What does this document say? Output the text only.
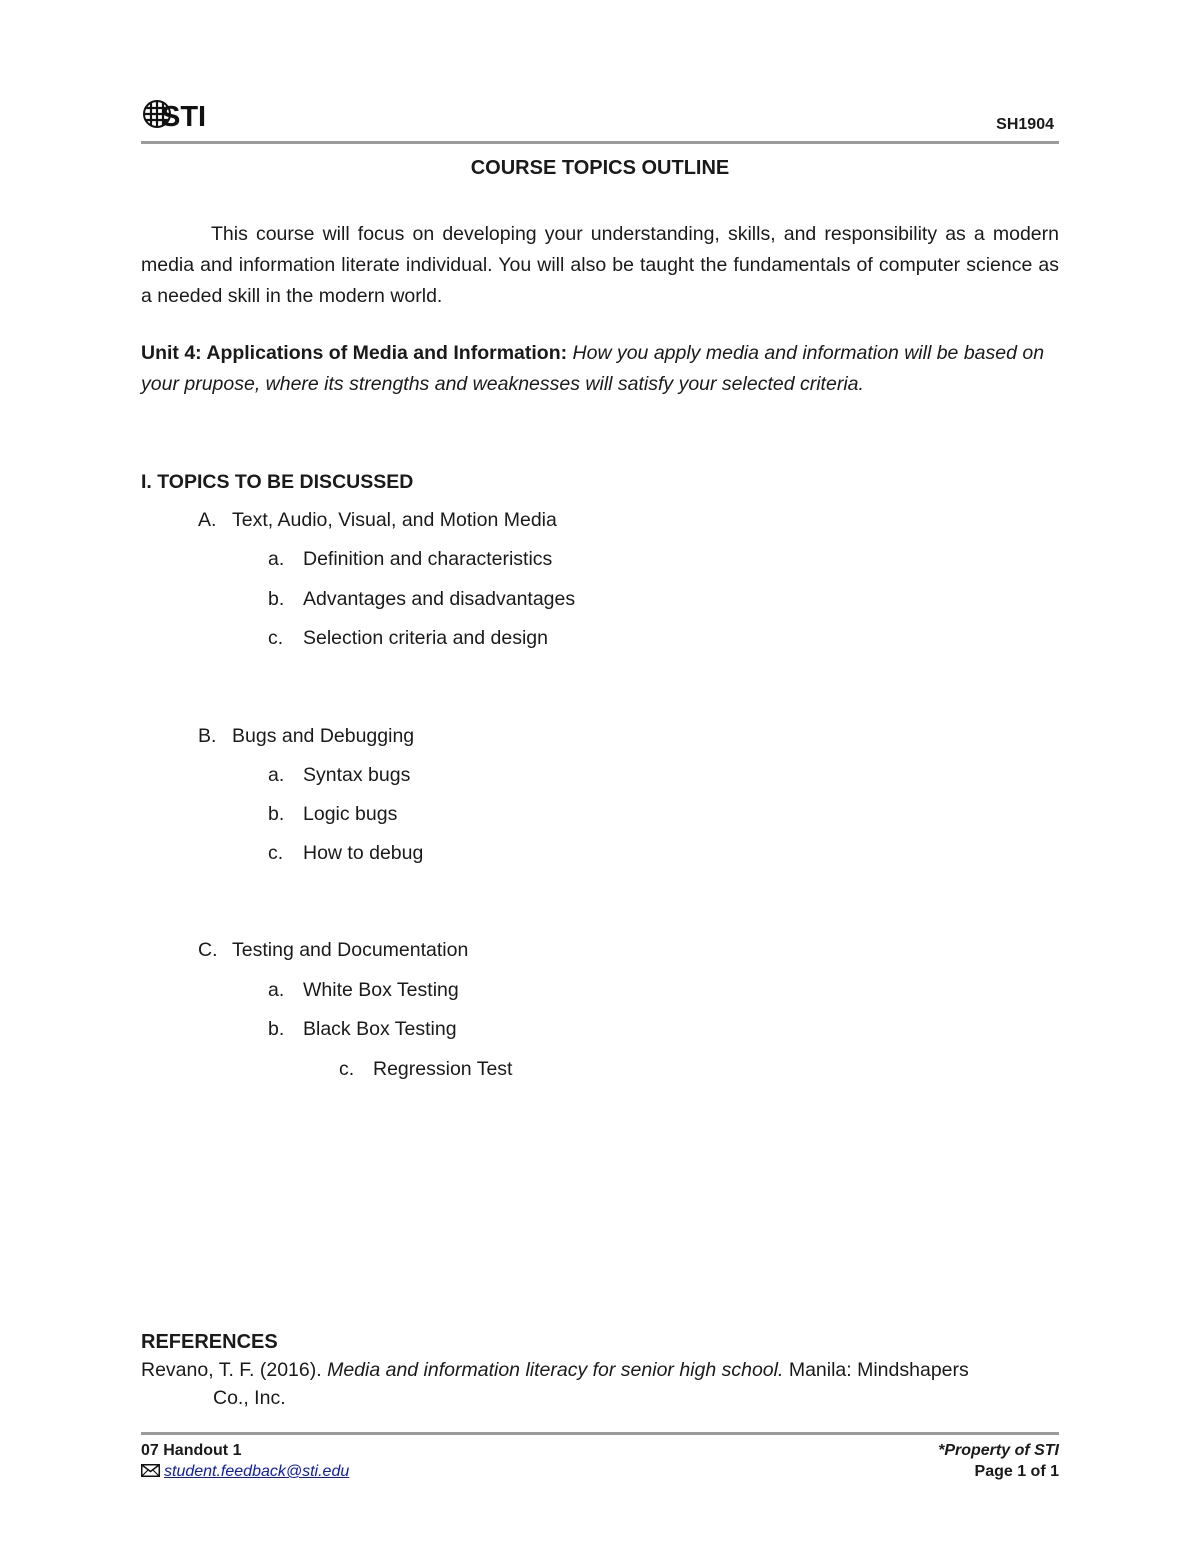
STI	SH1904
COURSE TOPICS OUTLINE

This course will focus on developing your understanding, skills, and responsibility as a modern media and information literate individual. You will also be taught the fundamentals of computer science as a needed skill in the modern world.

Unit 4: Applications of Media and Information: How you apply media and information will be based on your prupose, where its strengths and weaknesses will satisfy your selected criteria.

I. TOPICS TO BE DISCUSSED
A. Text, Audio, Visual, and Motion Media
a. Definition and characteristics
b. Advantages and disadvantages
c. Selection criteria and design
B. Bugs and Debugging
a. Syntax bugs
b. Logic bugs
c. How to debug
C. Testing and Documentation
a. White Box Testing
b. Black Box Testing
c. Regression Test
REFERENCES
Revano, T. F. (2016). Media and information literacy for senior high school. Manila: Mindshapers
Co., Inc.
07 Handout 1
student.feedback@sti.edu
*Property of STI
Page 1 of 1
